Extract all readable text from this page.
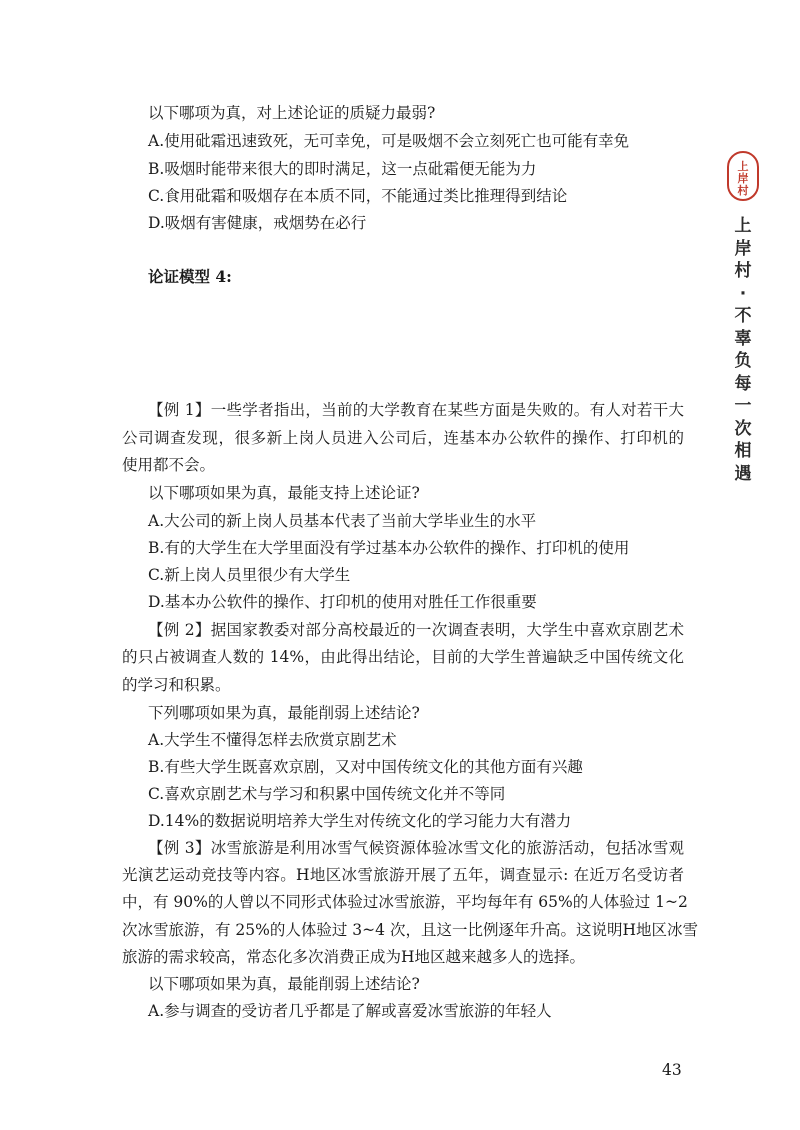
以下哪项为真，对上述论证的质疑力最弱?
A.使用砒霜迅速致死，无可幸免，可是吸烟不会立刻死亡也可能有幸免
B.吸烟时能带来很大的即时满足，这一点砒霜便无能为力
C.食用砒霜和吸烟存在本质不同，不能通过类比推理得到结论
D.吸烟有害健康，戒烟势在必行
论证模型 4:
【例 1】一些学者指出，当前的大学教育在某些方面是失败的。有人对若干大
公司调查发现，很多新上岗人员进入公司后，连基本办公软件的操作、打印机的
使用都不会。
以下哪项如果为真，最能支持上述论证?
A.大公司的新上岗人员基本代表了当前大学毕业生的水平
B.有的大学生在大学里面没有学过基本办公软件的操作、打印机的使用
C.新上岗人员里很少有大学生
D.基本办公软件的操作、打印机的使用对胜任工作很重要
【例 2】据国家教委对部分高校最近的一次调查表明，大学生中喜欢京剧艺术
的只占被调查人数的 14%，由此得出结论，目前的大学生普遍缺乏中国传统文化
的学习和积累。
下列哪项如果为真，最能削弱上述结论?
A.大学生不懂得怎样去欣赏京剧艺术
B.有些大学生既喜欢京剧，又对中国传统文化的其他方面有兴趣
C.喜欢京剧艺术与学习和积累中国传统文化并不等同
D.14%的数据说明培养大学生对传统文化的学习能力大有潜力
【例 3】冰雪旅游是利用冰雪气候资源体验冰雪文化的旅游活动，包括冰雪观
光演艺运动竞技等内容。H地区冰雪旅游开展了五年，调查显示: 在近万名受访者
中，有 90%的人曾以不同形式体验过冰雪旅游，平均每年有 65%的人体验过 1~2
次冰雪旅游，有 25%的人体验过 3~4 次，且这一比例逐年升高。这说明H地区冰雪
旅游的需求较高，常态化多次消费正成为H地区越来越多人的选择。
以下哪项如果为真，最能削弱上述结论?
A.参与调查的受访者几乎都是了解或喜爱冰雪旅游的年轻人
上
岸
村
上
岸
村
·
不
辜
负
每
一
次
相
遇
43
